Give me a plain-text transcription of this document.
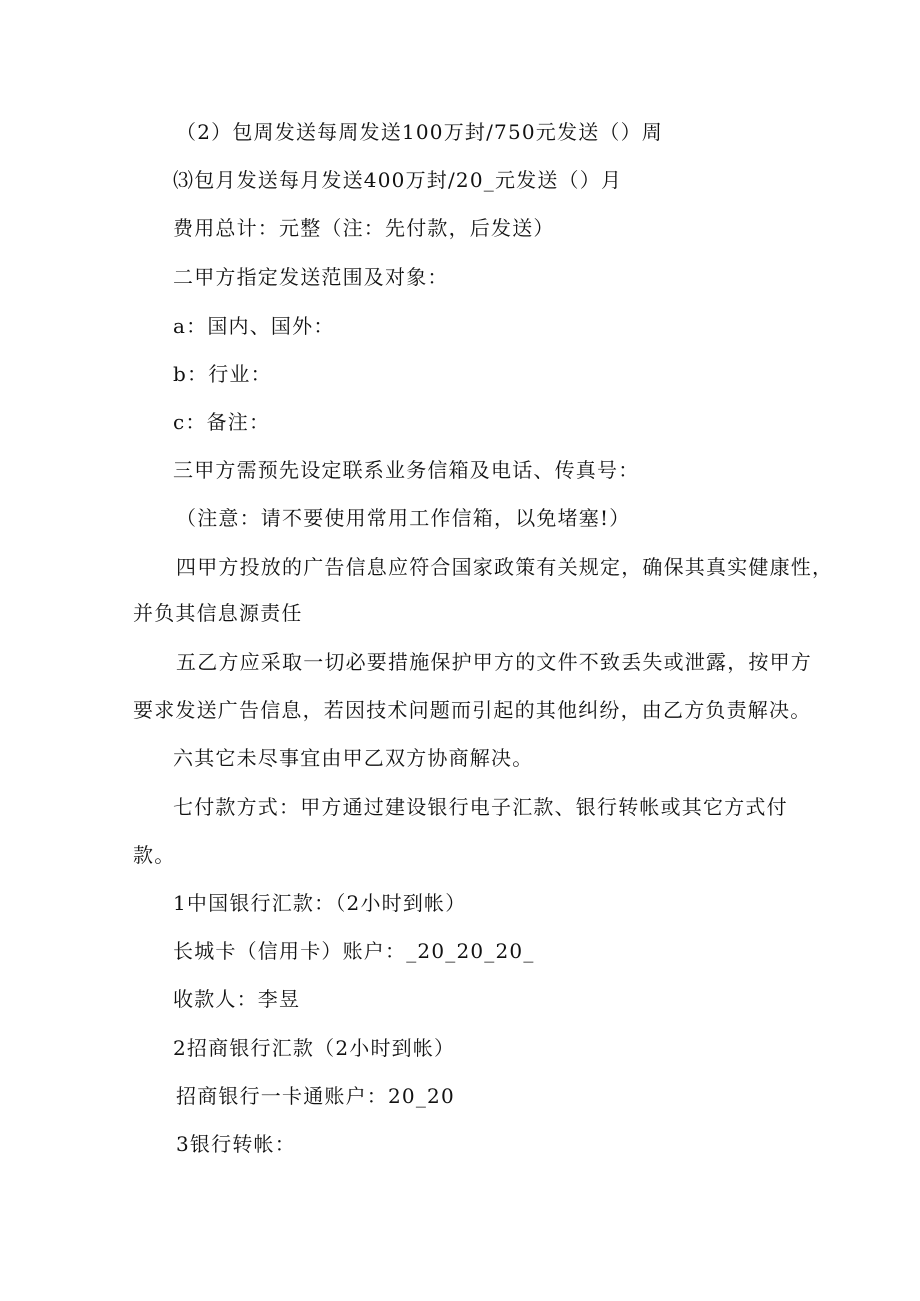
（2）包周发送每周发送100万封/750元发送（）周
⑶包月发送每月发送400万封/20_元发送（）月
费用总计：元整（注：先付款，后发送）
二甲方指定发送范围及对象：
a：国内、国外：
b：行业：
c：备注：
三甲方需预先设定联系业务信箱及电话、传真号：
（注意：请不要使用常用工作信箱，以免堵塞!）
四甲方投放的广告信息应符合国家政策有关规定，确保其真实健康性，
并负其信息源责任
五乙方应采取一切必要措施保护甲方的文件不致丢失或泄露，按甲方
要求发送广告信息，若因技术问题而引起的其他纠纷，由乙方负责解决。
六其它未尽事宜由甲乙双方协商解决。
七付款方式：甲方通过建设银行电子汇款、银行转帐或其它方式付
款。
1中国银行汇款：（2小时到帐）
长城卡（信用卡）账户：_20_20_20_
收款人：李昱
2招商银行汇款（2小时到帐）
招商银行一卡通账户：20_20
3银行转帐：
